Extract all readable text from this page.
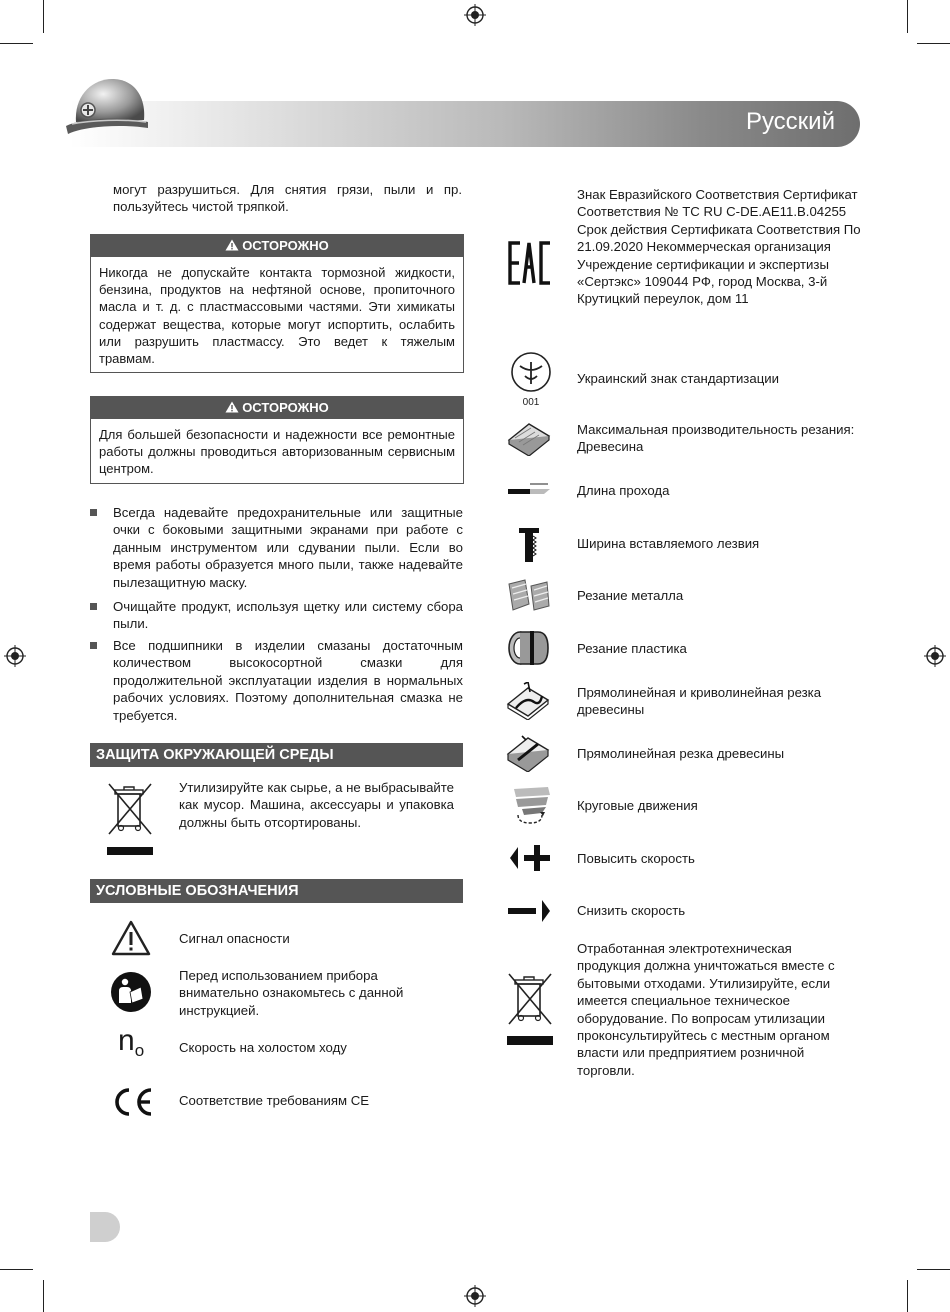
Русский
могут разрушиться. Для снятия грязи, пыли и пр. пользуйтесь чистой тряпкой.
ОСТОРОЖНО
Никогда не допускайте контакта тормозной жидкости, бензина, продуктов на нефтяной основе, пропиточного масла и т. д. с пластмассовыми частями. Эти химикаты содержат вещества, которые могут испортить, ослабить или разрушить пластмассу. Это ведет к тяжелым травмам.
ОСТОРОЖНО
Для большей безопасности и надежности все ремонтные работы должны проводиться авторизованным сервисным центром.
Всегда надевайте предохранительные или защитные очки с боковыми защитными экранами при работе с данным инструментом или сдувании пыли. Если во время работы образуется много пыли, также надевайте пылезащитную маску.
Очищайте продукт, используя щетку или систему сбора пыли.
Все подшипники в изделии смазаны достаточным количеством высокосортной смазки для продолжительной эксплуатации изделия в нормальных рабочих условиях. Поэтому дополнительная смазка не требуется.
ЗАЩИТА ОКРУЖАЮЩЕЙ СРЕДЫ
Утилизируйте как сырье, а не выбрасывайте как мусор. Машина, аксессуары и упаковка должны быть отсортированы.
УСЛОВНЫЕ ОБОЗНАЧЕНИЯ
Сигнал опасности
Перед использованием прибора внимательно ознакомьтесь с данной инструкцией.
no	Скорость на холостом ходу
Соответствие требованиям CE
Знак Евразийского Соответствия Сертификат Соответствия № TC RU C-DE.AE11.B.04255 Срок действия Сертификата Соответствия По 21.09.2020 Некоммерческая организация Учреждение сертификации и экспертизы «Сертэкс» 109044 РФ, город Москва, 3-й Крутицкий переулок, дом 11
001
Украинский знак стандартизации
Максимальная производительность резания: Древесина
Длина прохода
Ширина вставляемого лезвия
Резание металла
Резание пластика
Прямолинейная и криволинейная резка древесины
Прямолинейная резка древесины
Круговые движения
Повысить скорость
Снизить скорость
Отработанная электротехническая продукция должна уничтожаться вместе с бытовыми отходами. Утилизируйте, если имеется специальное техническое оборудование. По вопросам утилизации проконсультируйтесь с местным органом власти или предприятием розничной торговли.
